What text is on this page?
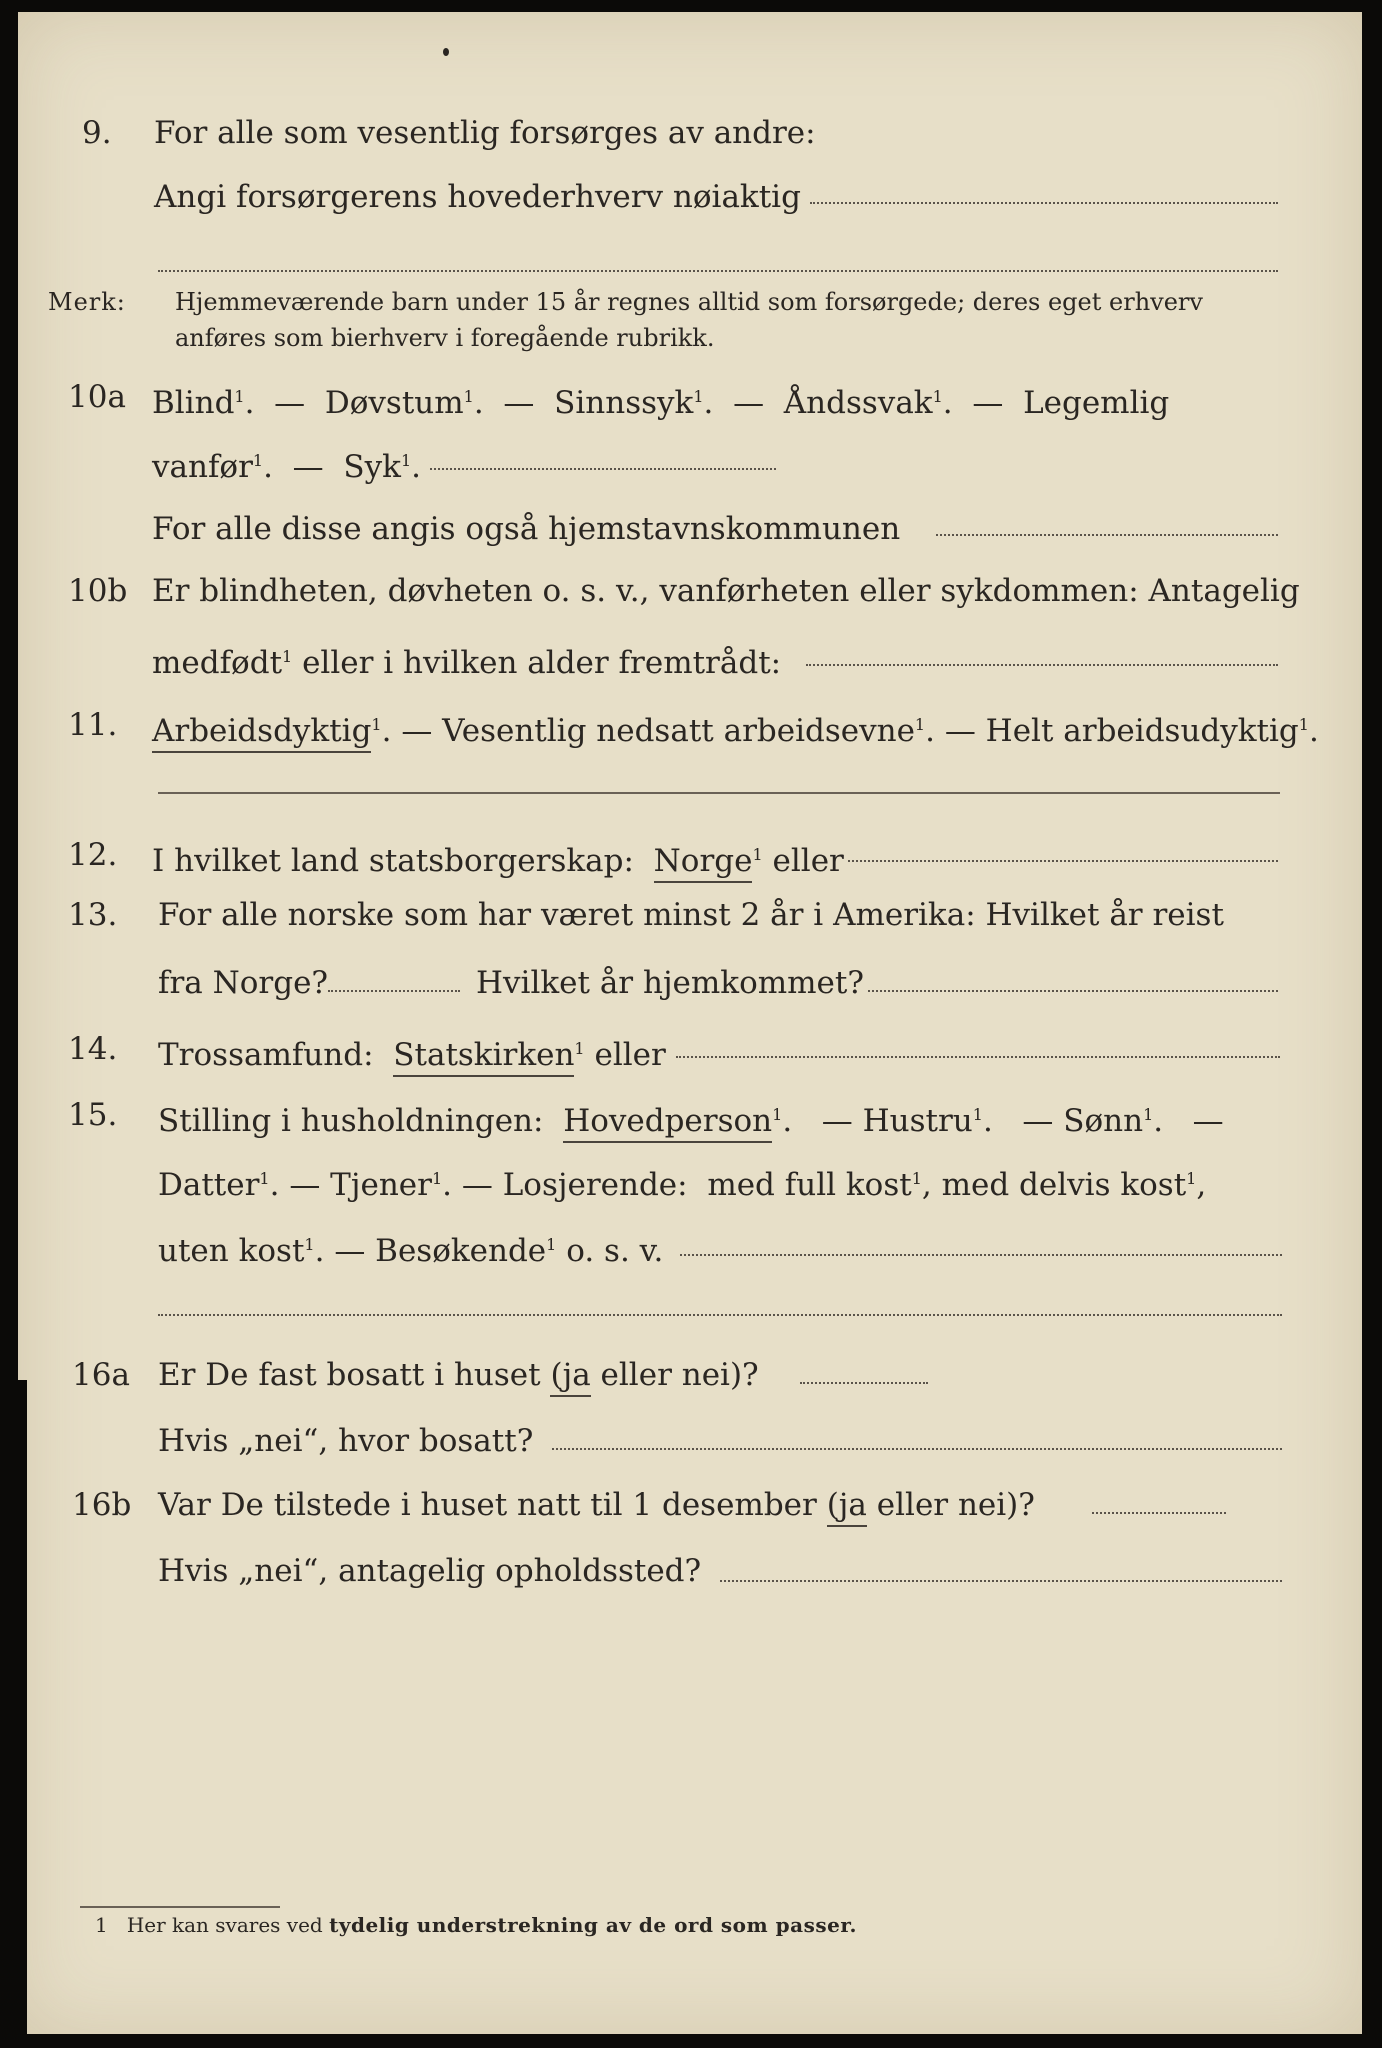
9.	For alle som vesentlig forsørges av andre:
Angi forsørgerens hovederhverv nøiaktig
Merk: Hjemmeværende barn under 15 år regnes alltid som forsørgede; deres eget erhverv
anføres som bierhverv i foregående rubrikk.
10a Blind$^1$.  —  Døvstum$^1$.  —  Sinnssyk$^1$.  —  Åndssvak$^1$.  —  Legemlig
vanfør$^1$.  —  Syk$^1$.
For alle disse angis også hjemstavnskommunen
10b Er blindheten, døvheten o. s. v., vanførheten eller sykdommen: Antagelig
medfødt$^1$ eller i hvilken alder fremtrådt:
11.	Arbeidsdyktig$^1$. — Vesentlig nedsatt arbeidsevne$^1$. — Helt arbeidsudyktig$^1$.
12.	I hvilket land statsborgerskap: Norge$^1$ eller
13.	For alle norske som har været minst 2 år i Amerika: Hvilket år reist
fra Norge?	Hvilket år hjemkommet?
14.	Trossamfund: Statskirken$^1$ eller
15.	Stilling i husholdningen: Hovedperson$^1$.   — Hustru$^1$.   — Sønn$^1$.   —
Datter$^1$. — Tjener$^1$. — Losjerende: med full kost$^1$, med delvis kost$^1$,
uten kost$^1$. — Besøkende$^1$ o. s. v.
16a Er De fast bosatt i huset (ja eller nei)?
Hvis „nei“, hvor bosatt?
16b Var De tilstede i huset natt til 1 desember (ja eller nei)?
Hvis „nei“, antagelig opholdssted?
1 Her kan svares ved tydelig understrekning av de ord som passer.
